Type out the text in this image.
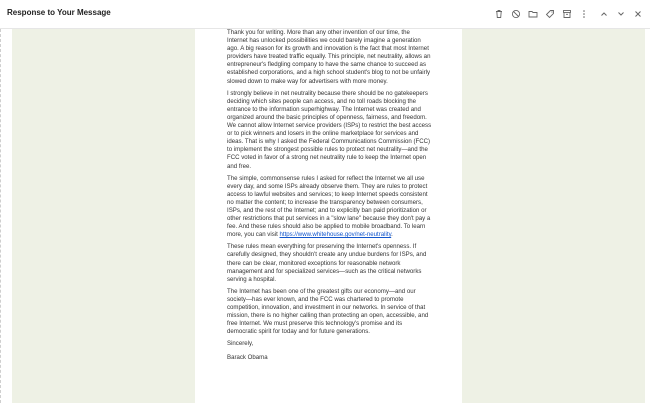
Response to Your Message

Thank you for writing. More than any other invention of our time, the Internet has unlocked possibilities we could barely imagine a generation ago. A big reason for its growth and innovation is the fact that most Internet providers have treated traffic equally. This principle, net neutrality, allows an entrepreneur's fledgling company to have the same chance to succeed as established corporations, and a high school student's blog to not be unfairly slowed down to make way for advertisers with more money.

I strongly believe in net neutrality because there should be no gatekeepers deciding which sites people can access, and no toll roads blocking the entrance to the information superhighway. The Internet was created and organized around the basic principles of openness, fairness, and freedom. We cannot allow Internet service providers (ISPs) to restrict the best access or to pick winners and losers in the online marketplace for services and ideas. That is why I asked the Federal Communications Commission (FCC) to implement the strongest possible rules to protect net neutrality—and the FCC voted in favor of a strong net neutrality rule to keep the Internet open and free.

The simple, commonsense rules I asked for reflect the Internet we all use every day, and some ISPs already observe them. They are rules to protect access to lawful websites and services; to keep Internet speeds consistent no matter the content; to increase the transparency between consumers, ISPs, and the rest of the Internet; and to explicitly ban paid prioritization or other restrictions that put services in a "slow lane" because they don't pay a fee. And these rules should also be applied to mobile broadband. To learn more, you can visit https://www.whitehouse.gov/net-neutrality.

These rules mean everything for preserving the Internet's openness. If carefully designed, they shouldn't create any undue burdens for ISPs, and there can be clear, monitored exceptions for reasonable network management and for specialized services—such as the critical networks serving a hospital.

The Internet has been one of the greatest gifts our economy—and our society—has ever known, and the FCC was chartered to promote competition, innovation, and investment in our networks. In service of that mission, there is no higher calling than protecting an open, accessible, and free Internet. We must preserve this technology's promise and its democratic spirit for today and for future generations.

Sincerely,

Barack Obama
